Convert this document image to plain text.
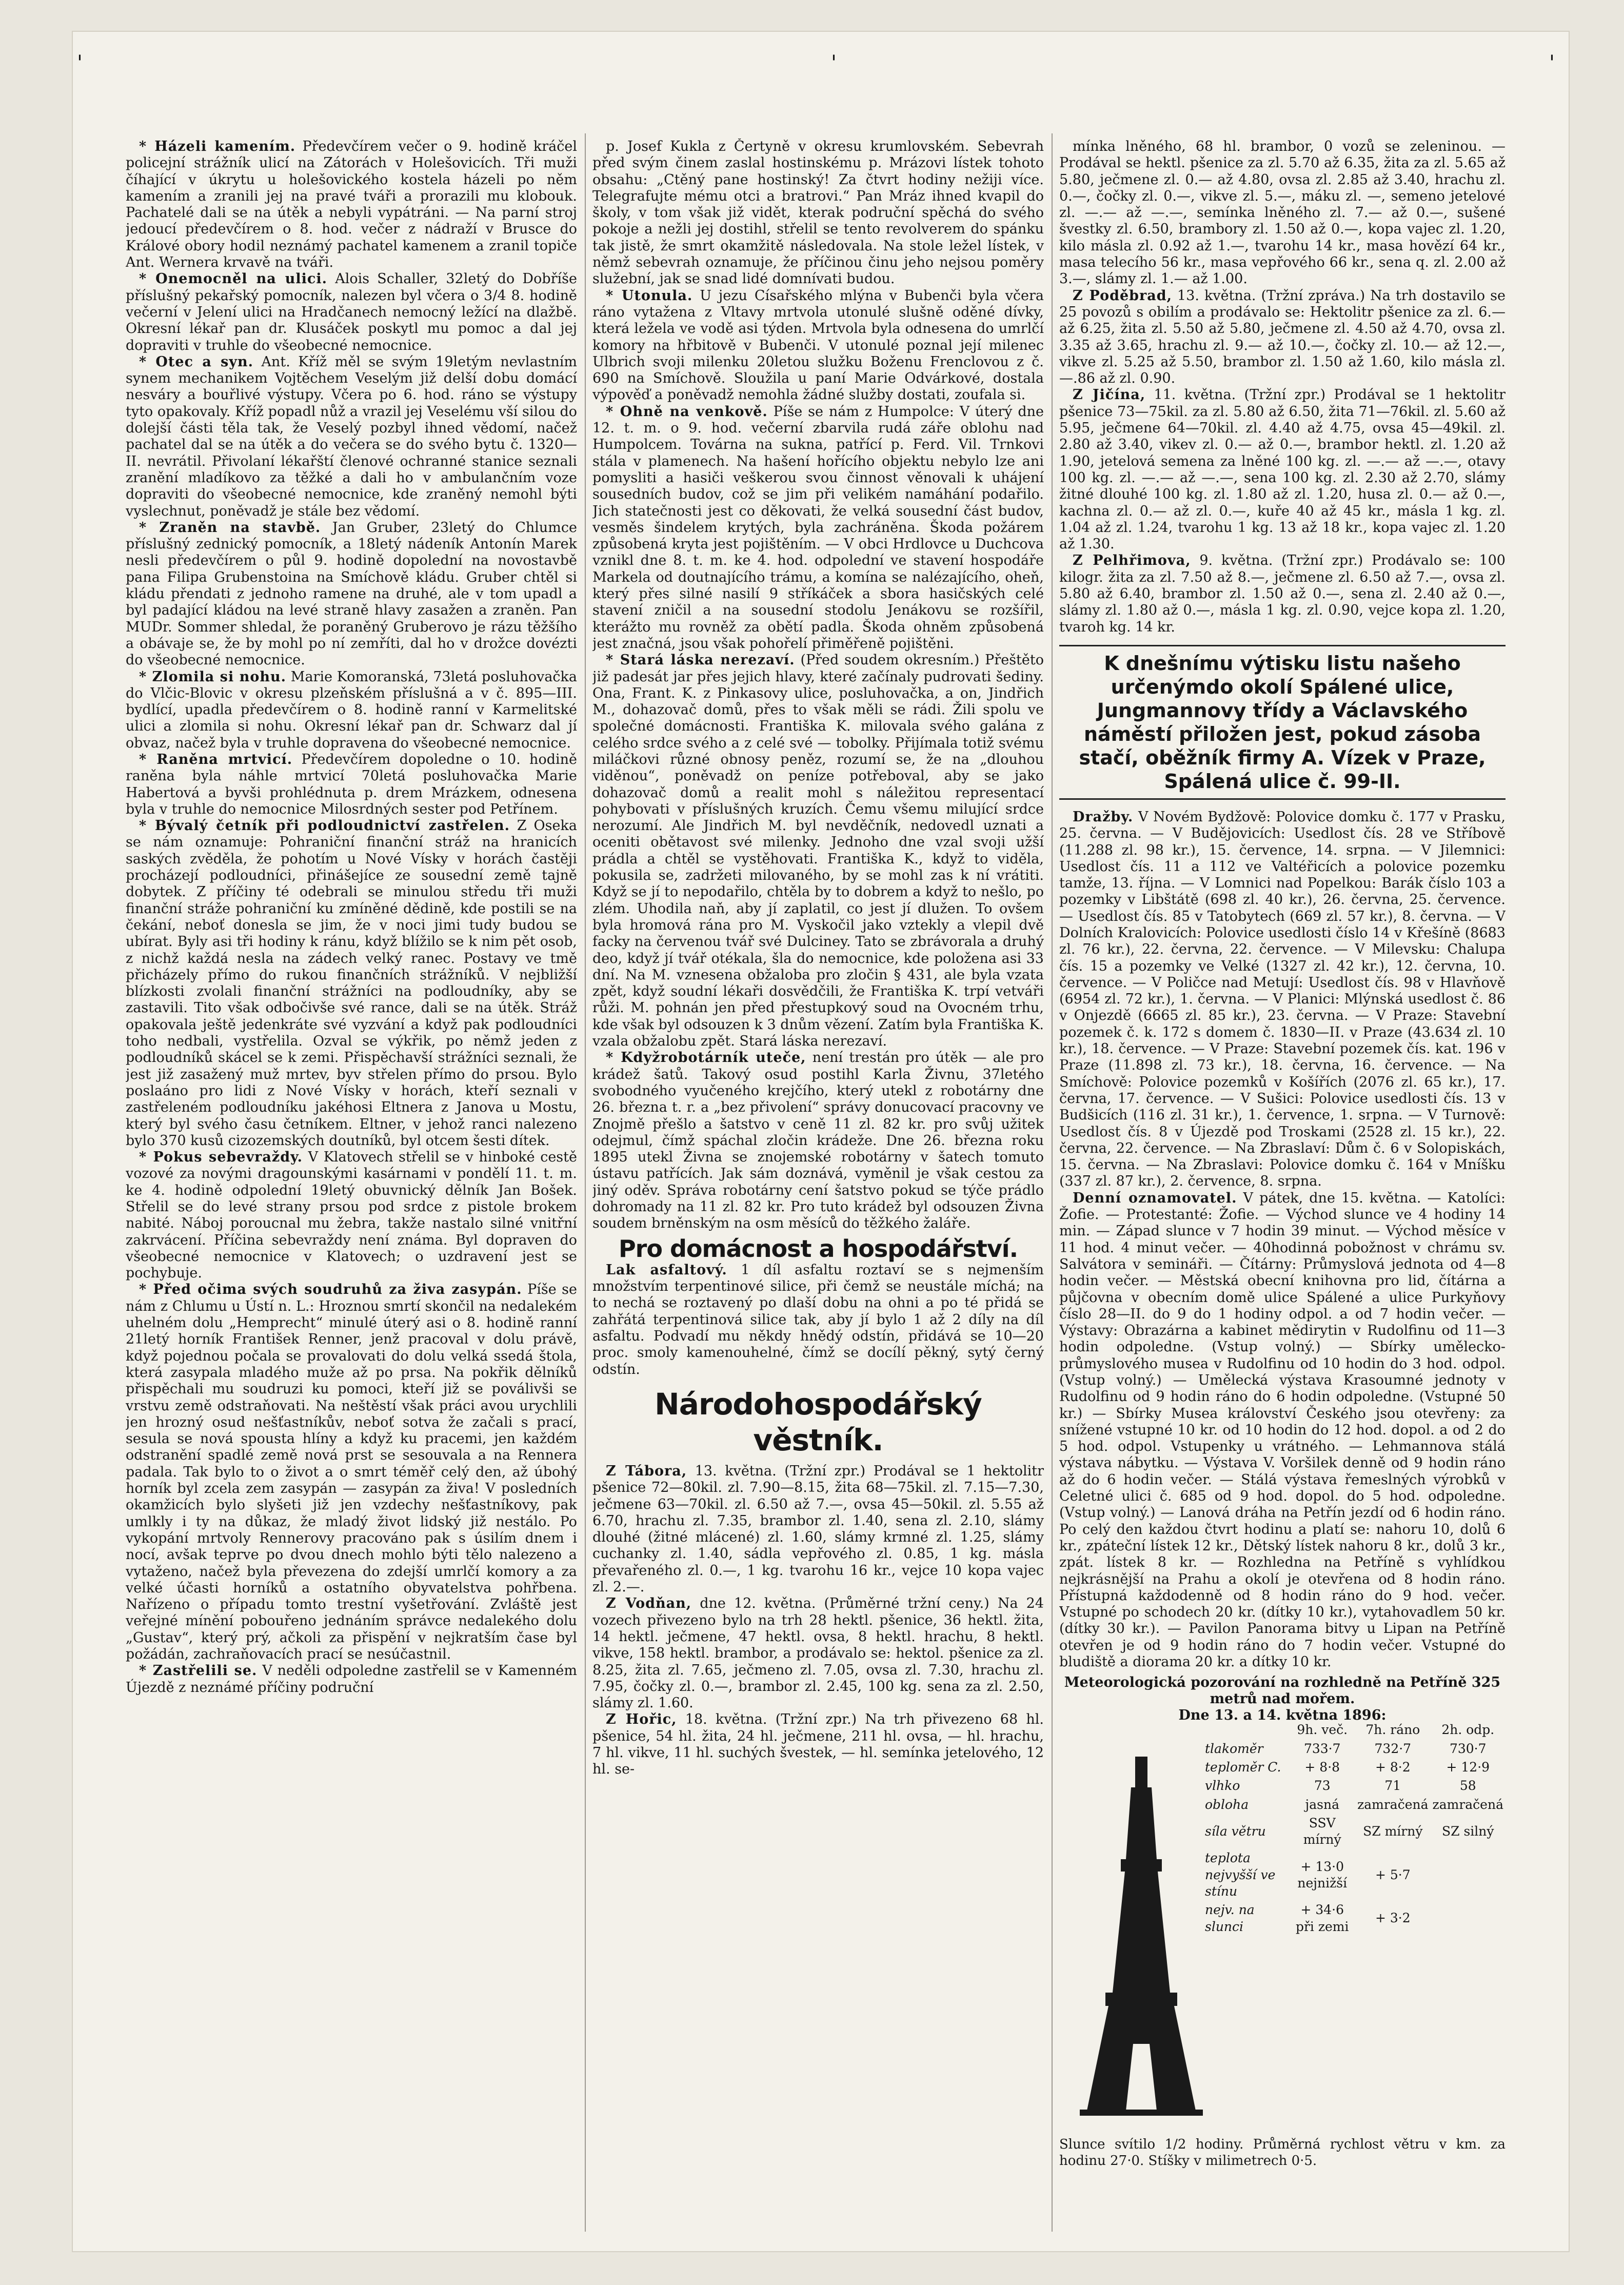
'	'	'

* Házeli kamením. Předevčírem večer o 9. hodině kráčel policejní strážník ulicí na Zátorách v Holešovicích. Tři muži číhající v úkrytu u holešovického kostela házeli po něm kamením a zranili jej na pravé tváři a prorazili mu klobouk. Pachatelé dali se na útěk a nebyli vypátráni. — Na parní stroj jedoucí předevčírem o 8. hod. večer z nádraží v Brusce do Králové obory hodil neznámý pachatel kamenem a zranil topiče Ant. Wernera krvavě na tváři.

* Onemocněl na ulici. Alois Schaller, 32letý do Dobříše příslušný pekařský pomocník, nalezen byl včera o 3/4 8. hodině večerní v Jelení ulici na Hradčanech nemocný ležící na dlažbě. Okresní lékař pan dr. Klusáček poskytl mu pomoc a dal jej dopraviti v truhle do všeobecné nemocnice.

* Otec a syn. Ant. Kříž měl se svým 19letým nevlastním synem mechanikem Vojtěchem Veselým již delší dobu domácí nesváry a bouřlivé výstupy. Včera po 6. hod. ráno se výstupy tyto opakovaly. Kříž popadl nůž a vrazil jej Veselému vší silou do dolejší části těla tak, že Veselý pozbyl ihned vědomí, načež pachatel dal se na útěk a do večera se do svého bytu č. 1320—II. nevrátil. Přivolaní lékařští členové ochranné stanice seznali zranění mladíkovo za těžké a dali ho v ambulančním voze dopraviti do všeobecné nemocnice, kde zraněný nemohl býti vyslechnut, poněvadž je stále bez vědomí.

* Zraněn na stavbě. Jan Gruber, 23letý do Chlumce příslušný zednický pomocník, a 18letý nádeník Antonín Marek nesli předevčírem o půl 9. hodině dopolední na novostavbě pana Filipa Grubenstoina na Smíchově kládu. Gruber chtěl si kládu přendati z jednoho ramene na druhé, ale v tom upadl a byl padající kládou na levé straně hlavy zasažen a zraněn. Pan MUDr. Sommer shledal, že poraněný Gruberovo je rázu těžšího a obávaje se, že by mohl po ní zemříti, dal ho v drožce dovézti do všeobecné nemocnice.

* Zlomila si nohu. Marie Komoranská, 73letá posluhovačka do Vlčic-Blovic v okresu plzeňském příslušná a v č. 895—III. bydlící, upadla předevčírem o 8. hodině ranní v Karmelitské ulici a zlomila si nohu. Okresní lékař pan dr. Schwarz dal jí obvaz, načež byla v truhle dopravena do všeobecné nemocnice.

* Raněna mrtvicí. Předevčírem dopoledne o 10. hodině raněna byla náhle mrtvicí 70letá posluhovačka Marie Habertová a byvši prohlédnuta p. drem Mrázkem, odnesena byla v truhle do nemocnice Milosrdných sester pod Petřínem.

* Bývalý četník při podloudnictví zastřelen. Z Oseka se nám oznamuje: Pohraniční finanční stráž na hranicích saských zvěděla, že pohotím u Nové Vísky v horách častěji procházejí podloudníci, přinášejíce ze sousední země tajně dobytek. Z příčiny té odebrali se minulou středu tři muži finanční stráže pohraniční ku zmíněné dědině, kde postili se na čekání, neboť donesla se jim, že v noci jimi tudy budou se ubírat. Byly asi tři hodiny k ránu, když blížilo se k nim pět osob, z nichž každá nesla na zádech velký ranec. Postavy ve tmě přicházely přímo do rukou finančních strážníků. V nejbližší blízkosti zvolali finanční strážníci na podloudníky, aby se zastavili. Tito však odbočivše své rance, dali se na útěk. Stráž opakovala ještě jedenkráte své vyzvání a když pak podloudníci toho nedbali, vystřelila. Ozval se výkřik, po němž jeden z podloudníků skácel se k zemi. Přispěchavší strážníci seznali, že jest již zasažený muž mrtev, byv střelen přímo do prsou. Bylo poslaáno pro lidi z Nové Vísky v horách, kteří seznali v zastřeleném podloudníku jakéhosi Eltnera z Janova u Mostu, který byl svého času četníkem. Eltner, v jehož ranci nalezeno bylo 370 kusů cizozemských doutníků, byl otcem šesti dítek.

* Pokus sebevraždy. V Klatovech střelil se v hinboké cestě vozové za novými dragounskými kasárnami v pondělí 11. t. m. ke 4. hodině odpolední 19letý obuvnický dělník Jan Bošek. Střelil se do levé strany prsou pod srdce z pistole brokem nabité. Náboj poroucnal mu žebra, takže nastalo silné vnitřní zakrvácení. Příčina sebevraždy není známa. Byl dopraven do všeobecné nemocnice v Klatovech; o uzdravení jest se pochybuje.

* Před očima svých soudruhů za živa zasypán. Píše se nám z Chlumu u Ústí n. L.: Hroznou smrtí skončil na nedalekém uhelném dolu „Hemprecht“ minulé úterý asi o 8. hodině ranní 21letý horník František Renner, jenž pracoval v dolu právě, když pojednou počala se provalovati do dolu velká ssedá štola, která zasypala mladého muže až po prsa. Na pokřik dělníků přispěchali mu soudruzi ku pomoci, kteří již se poválivši se vrstvu země odstraňovati. Na neštěstí však práci avou urychlili jen hrozný osud nešťastníkův, neboť sotva že začali s prací, sesula se nová spousta hlíny a když ku pracemi, jen každém odstranění spadlé země nová prst se sesouvala a na Rennera padala. Tak bylo to o život a o smrt téměř celý den, až úbohý horník byl zcela zem zasypán — zasypán za živa! V posledních okamžicích bylo slyšeti již jen vzdechy nešťastníkovy, pak umlkly i ty na důkaz, že mladý život lidský již nestálo. Po vykopání mrtvoly Rennerovy pracováno pak s úsilím dnem i nocí, avšak teprve po dvou dnech mohlo býti tělo nalezeno a vytaženo, načež byla převezena do zdejší umrlčí komory a za velké účasti horníků a ostatního obyvatelstva pohřbena. Nařízeno o případu tomto trestní vyšetřování. Zvláště jest veřejné mínění pobouřeno jednáním správce nedalekého dolu „Gustav“, který prý, ačkoli za přispění v nejkratším čase byl požádán, zachraňovacích prací se nesúčastnil.

* Zastřelili se. V neděli odpoledne zastřelil se v Kamenném Újezdě z neznámé příčiny područní

p. Josef Kukla z Čertyně v okresu krumlovském. Sebevrah před svým činem zaslal hostinskému p. Mrázovi lístek tohoto obsahu: „Ctěný pane hostinský! Za čtvrt hodiny nežiji více. Telegrafujte mému otci a bratrovi.“ Pan Mráz ihned kvapil do školy, v tom však již vidět, kterak područní spěchá do svého pokoje a nežli jej dostihl, střelil se tento revolverem do spánku tak jistě, že smrt okamžitě následovala. Na stole ležel lístek, v němž sebevrah oznamuje, že příčinou činu jeho nejsou poměry služební, jak se snad lidé domnívati budou.

* Utonula. U jezu Císařského mlýna v Bubenči byla včera ráno vytažena z Vltavy mrtvola utonulé slušně oděné dívky, která ležela ve vodě asi týden. Mrtvola byla odnesena do umrlčí komory na hřbitově v Bubenči. V utonulé poznal její milenec Ulbrich svoji milenku 20letou služku Boženu Frenclovou z č. 690 na Smíchově. Sloužila u paní Marie Odvárkové, dostala výpověď a poněvadž nemohla žádné služby dostati, zoufala si.

* Ohně na venkově. Píše se nám z Humpolce: V úterý dne 12. t. m. o 9. hod. večerní zbarvila rudá záře oblohu nad Humpolcem. Továrna na sukna, patřící p. Ferd. Vil. Trnkovi stála v plamenech. Na hašení hořícího objektu nebylo lze ani pomysliti a hasiči veškerou svou činnost věnovali k uhájení sousedních budov, což se jim při velikém namáhání podařilo. Jich statečnosti jest co děkovati, že velká sousední část budov, vesměs šindelem krytých, byla zachráněna. Škoda požárem způsobená kryta jest pojištěním. — V obci Hrdlovce u Duchcova vznikl dne 8. t. m. ke 4. hod. odpolední ve stavení hospodáře Markela od doutnajícího trámu, a komína se nalézajícího, oheň, který přes silné nasilí 9 stříkáček a sbora hasičských celé stavení zničil a na sousední stodolu Jenákovu se rozšířil, kterážto mu rovněž za obětí padla. Škoda ohněm způsobená jest značná, jsou však pohořelí přiměřeně pojištěni.

* Stará láska nerezaví. (Před soudem okresním.) Přeštěto již padesát jar přes jejich hlavy, které začínaly pudrovati šediny. Ona, Frant. K. z Pinkasovy ulice, posluhovačka, a on, Jindřich M., dohazovač domů, přes to však měli se rádi. Žili spolu ve společné domácnosti. Františka K. milovala svého galána z celého srdce svého a z celé své — tobolky. Přijímala totiž svému miláčkovi různé obnosy peněz, rozumí se, že na „dlouhou viděnou“, poněvadž on peníze potřeboval, aby se jako dohazovač domů a realit mohl s náležitou representací pohybovati v příslušných kruzích. Čemu všemu milující srdce nerozumí. Ale Jindřich M. byl nevděčník, nedovedl uznati a oceniti obětavost své milenky. Jednoho dne vzal svoji užší prádla a chtěl se vystěhovati. Františka K., když to viděla, pokusila se, zadržeti milovaného, by se mohl zas k ní vrátiti. Když se jí to nepodařilo, chtěla by to dobrem a když to nešlo, po zlém. Uhodila naň, aby jí zaplatil, co jest jí dlužen. To ovšem byla hromová rána pro M. Vyskočil jako vztekly a vlepil dvě facky na červenou tvář své Dulciney. Tato se zbrávorala a druhý deo, když jí tvář otékala, šla do nemocnice, kde položena asi 33 dní. Na M. vznesena obžaloba pro zločin § 431, ale byla vzata zpět, když soudní lékaři dosvědčili, že Františka K. trpí vetváři růži. M. pohnán jen před přestupkový soud na Ovocném trhu, kde však byl odsouzen k 3 dnům vězení. Zatím byla Františka K. vzala obžalobu zpět. Stará láska nerezaví.

* Kdyžrobotárník uteče, není trestán pro útěk — ale pro krádež šatů. Takový osud postihl Karla Živnu, 37letého svobodného vyučeného krejčího, který utekl z robotárny dne 26. března t. r. a „bez přivolení“ správy donucovací pracovny ve Znojmě přešlo a šatstvo v ceně 11 zl. 82 kr. pro svůj užitek odejmul, čímž spáchal zločin krádeže. Dne 26. března roku 1895 utekl Živna se znojemské robotárny v šatech tomuto ústavu patřících. Jak sám doznává, vyměnil je však cestou za jiný oděv. Správa robotárny cení šatstvo pokud se týče prádlo dohromady na 11 zl. 82 kr. Pro tuto krádež byl odsouzen Živna soudem brněnským na osm měsíců do těžkého žaláře.

Pro domácnost a hospodářství.

Lak asfaltový. 1 díl asfaltu roztaví se s nejmenším množstvím terpentinové silice, při čemž se neustále míchá; na to nechá se roztavený po dlaší dobu na ohni a po té přidá se zahřátá terpentinová silice tak, aby jí bylo 1 až 2 díly na díl asfaltu. Podvadí mu někdy hnědý odstín, přidává se 10—20 proc. smoly kamenouhelné, čímž se docílí pěkný, sytý černý odstín.

Národohospodářský věstník.

Z Tábora, 13. května. (Tržní zpr.) Prodával se 1 hektolitr pšenice 72—80kil. zl. 7.90—8.15, žita 68—75kil. zl. 7.15—7.30, ječmene 63—70kil. zl. 6.50 až 7.—, ovsa 45—50kil. zl. 5.55 až 6.70, hrachu zl. 7.35, brambor zl. 1.40, sena zl. 2.10, slámy dlouhé (žitné mlácené) zl. 1.60, slámy krmné zl. 1.25, slámy cuchanky zl. 1.40, sádla vepřového zl. 0.85, 1 kg. másla převařeného zl. 0.—, 1 kg. tvarohu 16 kr., vejce 10 kopa vajec zl. 2.—.

Z Vodňan, dne 12. května. (Průměrné tržní ceny.) Na 24 vozech přivezeno bylo na trh 28 hektl. pšenice, 36 hektl. žita, 14 hektl. ječmene, 47 hektl. ovsa, 8 hektl. hrachu, 8 hektl. vikve, 158 hektl. brambor, a prodávalo se: hektol. pšenice za zl. 8.25, žita zl. 7.65, ječmeno zl. 7.05, ovsa zl. 7.30, hrachu zl. 7.95, čočky zl. 0.—, brambor zl. 2.45, 100 kg. sena za zl. 2.50, slámy zl. 1.60.

Z Hořic, 18. května. (Tržní zpr.) Na trh přivezeno 68 hl. pšenice, 54 hl. žita, 24 hl. ječmene, 211 hl. ovsa, — hl. hrachu, 7 hl. vikve, 11 hl. suchých švestek, — hl. semínka jetelového, 12 hl. se-

mínka lněného, 68 hl. brambor, 0 vozů se zeleninou. — Prodával se hektl. pšenice za zl. 5.70 až 6.35, žita za zl. 5.65 až 5.80, ječmene zl. 0.— až 4.80, ovsa zl. 2.85 až 3.40, hrachu zl. 0.—, čočky zl. 0.—, vikve zl. 5.—, máku zl. —, semeno jetelové zl. —.— až —.—, semínka lněného zl. 7.— až 0.—, sušené švestky zl. 6.50, brambory zl. 1.50 až 0.—, kopa vajec zl. 1.20, kilo másla zl. 0.92 až 1.—, tvarohu 14 kr., masa hovězí 64 kr., masa telecího 56 kr., masa vepřového 66 kr., sena q. zl. 2.00 až 3.—, slámy zl. 1.— až 1.00.

Z Poděbrad, 13. května. (Tržní zpráva.) Na trh dostavilo se 25 povozů s obilím a prodávalo se: Hektolitr pšenice za zl. 6.— až 6.25, žita zl. 5.50 až 5.80, ječmene zl. 4.50 až 4.70, ovsa zl. 3.35 až 3.65, hrachu zl. 9.— až 10.—, čočky zl. 10.— až 12.—, vikve zl. 5.25 až 5.50, brambor zl. 1.50 až 1.60, kilo másla zl. —.86 až zl. 0.90.

Z Jičína, 11. května. (Tržní zpr.) Prodával se 1 hektolitr pšenice 73—75kil. za zl. 5.80 až 6.50, žita 71—76kil. zl. 5.60 až 5.95, ječmene 64—70kil. zl. 4.40 až 4.75, ovsa 45—49kil. zl. 2.80 až 3.40, vikev zl. 0.— až 0.—, brambor hektl. zl. 1.20 až 1.90, jetelová semena za lněné 100 kg. zl. —.— až —.—, otavy 100 kg. zl. —.— až —.—, sena 100 kg. zl. 2.30 až 2.70, slámy žitné dlouhé 100 kg. zl. 1.80 až zl. 1.20, husa zl. 0.— až 0.—, kachna zl. 0.— až zl. 0.—, kuře 40 až 45 kr., másla 1 kg. zl. 1.04 až zl. 1.24, tvarohu 1 kg. 13 až 18 kr., kopa vajec zl. 1.20 až 1.30.

Z Pelhřimova, 9. května. (Tržní zpr.) Prodávalo se: 100 kilogr. žita za zl. 7.50 až 8.—, ječmene zl. 6.50 až 7.—, ovsa zl. 5.80 až 6.40, brambor zl. 1.50 až 0.—, sena zl. 2.40 až 0.—, slámy zl. 1.80 až 0.—, másla 1 kg. zl. 0.90, vejce kopa zl. 1.20, tvaroh kg. 14 kr.

K dnešnímu výtisku listu našeho určenýmdo okolí Spálené ulice, Jungmannovy třídy a Václavského náměstí přiložen jest, pokud zásoba stačí, oběžník firmy A. Vízek v Praze, Spálená ulice č. 99-II.

Dražby. V Novém Bydžově: Polovice domku č. 177 v Prasku, 25. června. — V Budějovicích: Usedlost čís. 28 ve Stříbově (11.288 zl. 98 kr.), 15. července, 14. srpna. — V Jilemnici: Usedlost čís. 11 a 112 ve Valtéřicích a polovice pozemku tamže, 13. října. — V Lomnici nad Popelkou: Barák číslo 103 a pozemky v Libštátě (698 zl. 40 kr.), 26. června, 25. července. — Usedlost čís. 85 v Tatobytech (669 zl. 57 kr.), 8. června. — V Dolních Kralovicích: Polovice usedlosti číslo 14 v Křešíně (8683 zl. 76 kr.), 22. června, 22. července. — V Milevsku: Chalupa čís. 15 a pozemky ve Velké (1327 zl. 42 kr.), 12. června, 10. července. — V Poličce nad Metují: Usedlost čís. 98 v Hlavňově (6954 zl. 72 kr.), 1. června. — V Planici: Mlýnská usedlost č. 86 v Onjezdě (6665 zl. 85 kr.), 23. června. — V Praze: Stavební pozemek č. k. 172 s domem č. 1830—II. v Praze (43.634 zl. 10 kr.), 18. července. — V Praze: Stavební pozemek čís. kat. 196 v Praze (11.898 zl. 73 kr.), 18. června, 16. července. — Na Smíchově: Polovice pozemků v Košířích (2076 zl. 65 kr.), 17. června, 17. července. — V Sušici: Polovice usedlosti čís. 13 v Budšicích (116 zl. 31 kr.), 1. července, 1. srpna. — V Turnově: Usedlost čís. 8 v Újezdě pod Troskami (2528 zl. 15 kr.), 22. června, 22. července. — Na Zbraslaví: Dům č. 6 v Solopiskách, 15. června. — Na Zbraslavi: Polovice domku č. 164 v Mníšku (337 zl. 87 kr.), 2. července, 8. srpna.

Denní oznamovatel. V pátek, dne 15. května. — Katolíci: Žofie. — Protestanté: Žofie. — Východ slunce ve 4 hodiny 14 min. — Západ slunce v 7 hodin 39 minut. — Východ měsíce v 11 hod. 4 minut večer. — 40hodinná pobožnost v chrámu sv. Salvátora v semináři. — Čítárny: Průmyslová jednota od 4—8 hodin večer. — Městská obecní knihovna pro lid, čítárna a půjčovna v obecním domě ulice Spálené a ulice Purkyňovy číslo 28—II. do 9 do 1 hodiny odpol. a od 7 hodin večer. — Výstavy: Obrazárna a kabinet mědirytin v Rudolfinu od 11—3 hodin odpoledne. (Vstup volný.) — Sbírky umělecko-průmyslového musea v Rudolfinu od 10 hodin do 3 hod. odpol. (Vstup volný.) — Umělecká výstava Krasoumné jednoty v Rudolfinu od 9 hodin ráno do 6 hodin odpoledne. (Vstupné 50 kr.) — Sbírky Musea království Českého jsou otevřeny: za snížené vstupné 10 kr. od 10 hodin do 12 hod. dopol. a od 2 do 5 hod. odpol. Vstupenky u vrátného. — Lehmannova stálá výstava nábytku. — Výstava V. Voršilek denně od 9 hodin ráno až do 6 hodin večer. — Stálá výstava řemeslných výrobků v Celetné ulici č. 685 od 9 hod. dopol. do 5 hod. odpoledne. (Vstup volný.) — Lanová dráha na Petřín jezdí od 6 hodin ráno. Po celý den každou čtvrt hodinu a platí se: nahoru 10, dolů 6 kr., zpáteční lístek 12 kr., Dětský lístek nahoru 8 kr., dolů 3 kr., zpát. lístek 8 kr. — Rozhledna na Petříně s vyhlídkou nejkrásnější na Prahu a okolí je otevřena od 8 hodin ráno. Přístupná každodenně od 8 hodin ráno do 9 hod. večer. Vstupné po schodech 20 kr. (dítky 10 kr.), vytahovadlem 50 kr. (dítky 30 kr.). — Pavilon Panorama bitvy u Lipan na Petříně otevřen je od 9 hodin ráno do 7 hodin večer. Vstupné do bludiště a diorama 20 kr. a dítky 10 kr.

Meteorologická pozorování na rozhledně na Petříně 325 metrů nad mořem.
Dne 13. a 14. května 1896:
	9h. več.	7h. ráno	2h. odp.
tlakoměr	733·7	732·7	730·7
teploměr C.	+ 8·8	+ 8·2	+ 12·9
vlhko	73	71	58
obloha	jasná	zamračená	zamračená
síla větru	SSV mírný	SZ mírný	SZ silný
teplota nejvyšší ve stínu	+ 13·0 nejnižší	+ 5·7	
nejv. na slunci	+ 34·6 při zemi	+ 3·2	
Slunce svítilo 1/2 hodiny. Průměrná rychlost větru v km. za hodinu 27·0. Stíšky v milimetrech 0·5.
